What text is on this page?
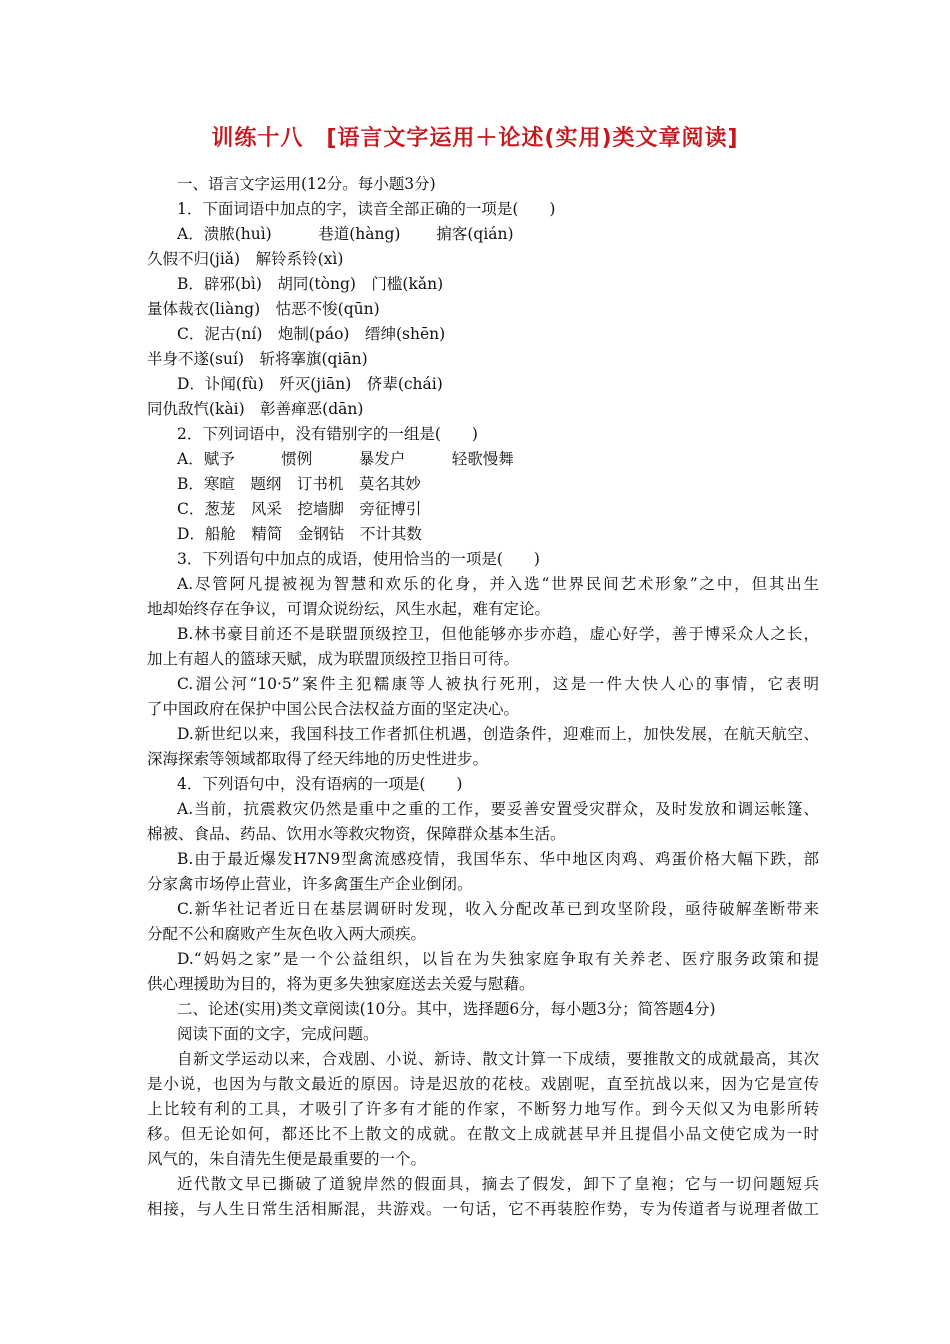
训练十八　[语言文字运用＋论述(实用)类文章阅读]
一、语言文字运用(12分。每小题3分)
1．下面词语中加点的字，读音全部正确的一项是(　　)
A．溃脓(huì)　　　巷道(hàng)　　 掮客(qián)
久假不归(jiǎ)　解铃系铃(xì)
B．辟邪(bì)　胡同(tòng)　门槛(kǎn)
量体裁衣(liàng)　怙恶不悛(qūn)
C．泥古(ní)　炮制(páo)　缙绅(shēn)
半身不遂(suí)　斩将搴旗(qiān)
D．讣闻(fù)　歼灭(jiān)　侪辈(chái)
同仇敌忾(kài)　彰善瘅恶(dān)
2．下列词语中，没有错别字的一组是(　　)
A．赋予　　　惯例　　　暴发户　　　轻歌慢舞
B．寒暄　题纲　订书机　莫名其妙
C．葱茏　风采　挖墙脚　旁征博引
D．船舱　精简　金钢钻　不计其数
3．下列语句中加点的成语，使用恰当的一项是(　　)
A.尽管阿凡提被视为智慧和欢乐的化身，并入选“世界民间艺术形象”之中，但其出生
地却始终存在争议，可谓众说纷纭，风生水起，难有定论。
B.林书豪目前还不是联盟顶级控卫，但他能够亦步亦趋，虚心好学，善于博采众人之长，
加上有超人的篮球天赋，成为联盟顶级控卫指日可待。
C.湄公河“10·5”案件主犯糯康等人被执行死刑，这是一件大快人心的事情，它表明
了中国政府在保护中国公民合法权益方面的坚定决心。
D.新世纪以来，我国科技工作者抓住机遇，创造条件，迎难而上，加快发展，在航天航空、
深海探索等领域都取得了经天纬地的历史性进步。
4．下列语句中，没有语病的一项是(　　)
A.当前，抗震救灾仍然是重中之重的工作，要妥善安置受灾群众，及时发放和调运帐篷、
棉被、食品、药品、饮用水等救灾物资，保障群众基本生活。
B.由于最近爆发H7N9型禽流感疫情，我国华东、华中地区肉鸡、鸡蛋价格大幅下跌，部
分家禽市场停止营业，许多禽蛋生产企业倒闭。
C.新华社记者近日在基层调研时发现，收入分配改革已到攻坚阶段，亟待破解垄断带来
分配不公和腐败产生灰色收入两大顽疾。
D.“妈妈之家”是一个公益组织，以旨在为失独家庭争取有关养老、医疗服务政策和提
供心理援助为目的，将为更多失独家庭送去关爱与慰藉。
二、论述(实用)类文章阅读(10分。其中，选择题6分，每小题3分；简答题4分)
阅读下面的文字，完成问题。
自新文学运动以来，合戏剧、小说、新诗、散文计算一下成绩，要推散文的成就最高，其次
是小说，也因为与散文最近的原因。诗是迟放的花枝。戏剧呢，直至抗战以来，因为它是宣传
上比较有利的工具，才吸引了许多有才能的作家，不断努力地写作。到今天似又为电影所转
移。但无论如何，都还比不上散文的成就。在散文上成就甚早并且提倡小品文使它成为一时
风气的，朱自清先生便是最重要的一个。
近代散文早已撕破了道貌岸然的假面具，摘去了假发，卸下了皇袍；它与一切问题短兵
相接，与人生日常生活相厮混，共游戏。一句话，它不再装腔作势，专为传道者与说理者做工
